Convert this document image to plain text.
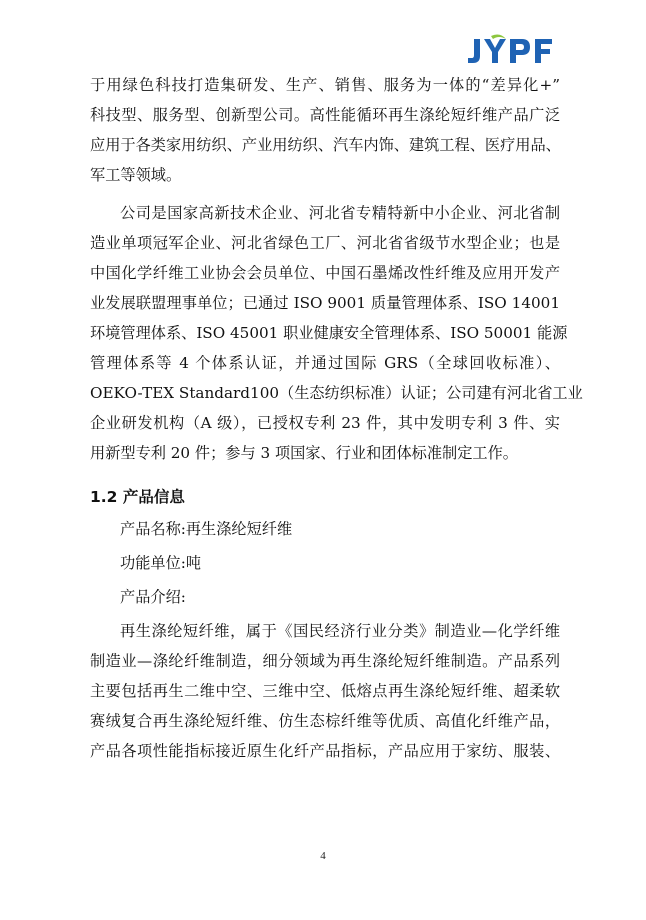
于用绿色科技打造集研发、生产、销售、服务为一体的“差异化+”
科技型、服务型、创新型公司。高性能循环再生涤纶短纤维产品广泛
应用于各类家用纺织、产业用纺织、汽车内饰、建筑工程、医疗用品、
军工等领域。
公司是国家高新技术企业、河北省专精特新中小企业、河北省制
造业单项冠军企业、河北省绿色工厂、河北省省级节水型企业；也是
中国化学纤维工业协会会员单位、中国石墨烯改性纤维及应用开发产
业发展联盟理事单位；已通过 ISO 9001 质量管理体系、ISO 14001
环境管理体系、ISO 45001 职业健康安全管理体系、ISO 50001 能源
管理体系等 4 个体系认证，并通过国际 GRS（全球回收标准）、
OEKO-TEX Standard100（生态纺织标准）认证；公司建有河北省工业
企业研发机构（A 级），已授权专利 23 件，其中发明专利 3 件、实
用新型专利 20 件；参与 3 项国家、行业和团体标准制定工作。
1.2 产品信息
产品名称:再生涤纶短纤维
功能单位:吨
产品介绍:
再生涤纶短纤维，属于《国民经济行业分类》制造业—化学纤维
制造业—涤纶纤维制造，细分领域为再生涤纶短纤维制造。产品系列
主要包括再生二维中空、三维中空、低熔点再生涤纶短纤维、超柔软
赛绒复合再生涤纶短纤维、仿生态棕纤维等优质、高值化纤维产品，
产品各项性能指标接近原生化纤产品指标，产品应用于家纺、服装、
4
